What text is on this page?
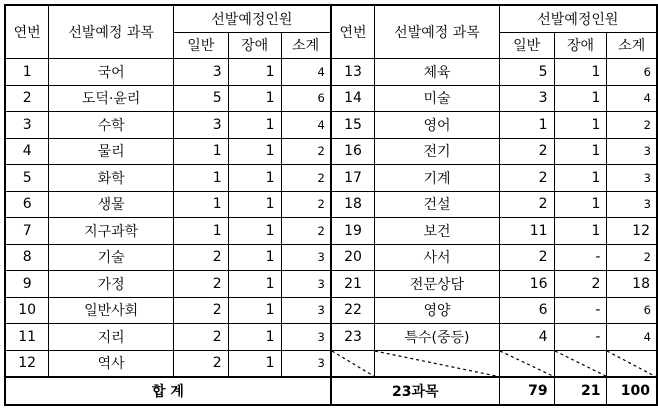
연번	선발예정 과목	선발예정인원			연번	선발예정 과목	선발예정인원		
		일반	장애	소계			일반	장애	소계
1	국어	3	1	4	13	체육	5	1	6
2	도덕·윤리	5	1	6	14	미술	3	1	4
3	수학	3	1	4	15	영어	1	1	2
4	물리	1	1	2	16	전기	2	1	3
5	화학	1	1	2	17	기계	2	1	3
6	생물	1	1	2	18	건설	2	1	3
7	지구과학	1	1	2	19	보건	11	1	12
8	기술	2	1	3	20	사서	2	-	2
9	가정	2	1	3	21	전문상담	16	2	18
10	일반사회	2	1	3	22	영양	6	-	6
11	지리	2	1	3	23	특수(중등)	4	-	4
12	역사	2	1	3	

합 계					23과목		79	21	100
